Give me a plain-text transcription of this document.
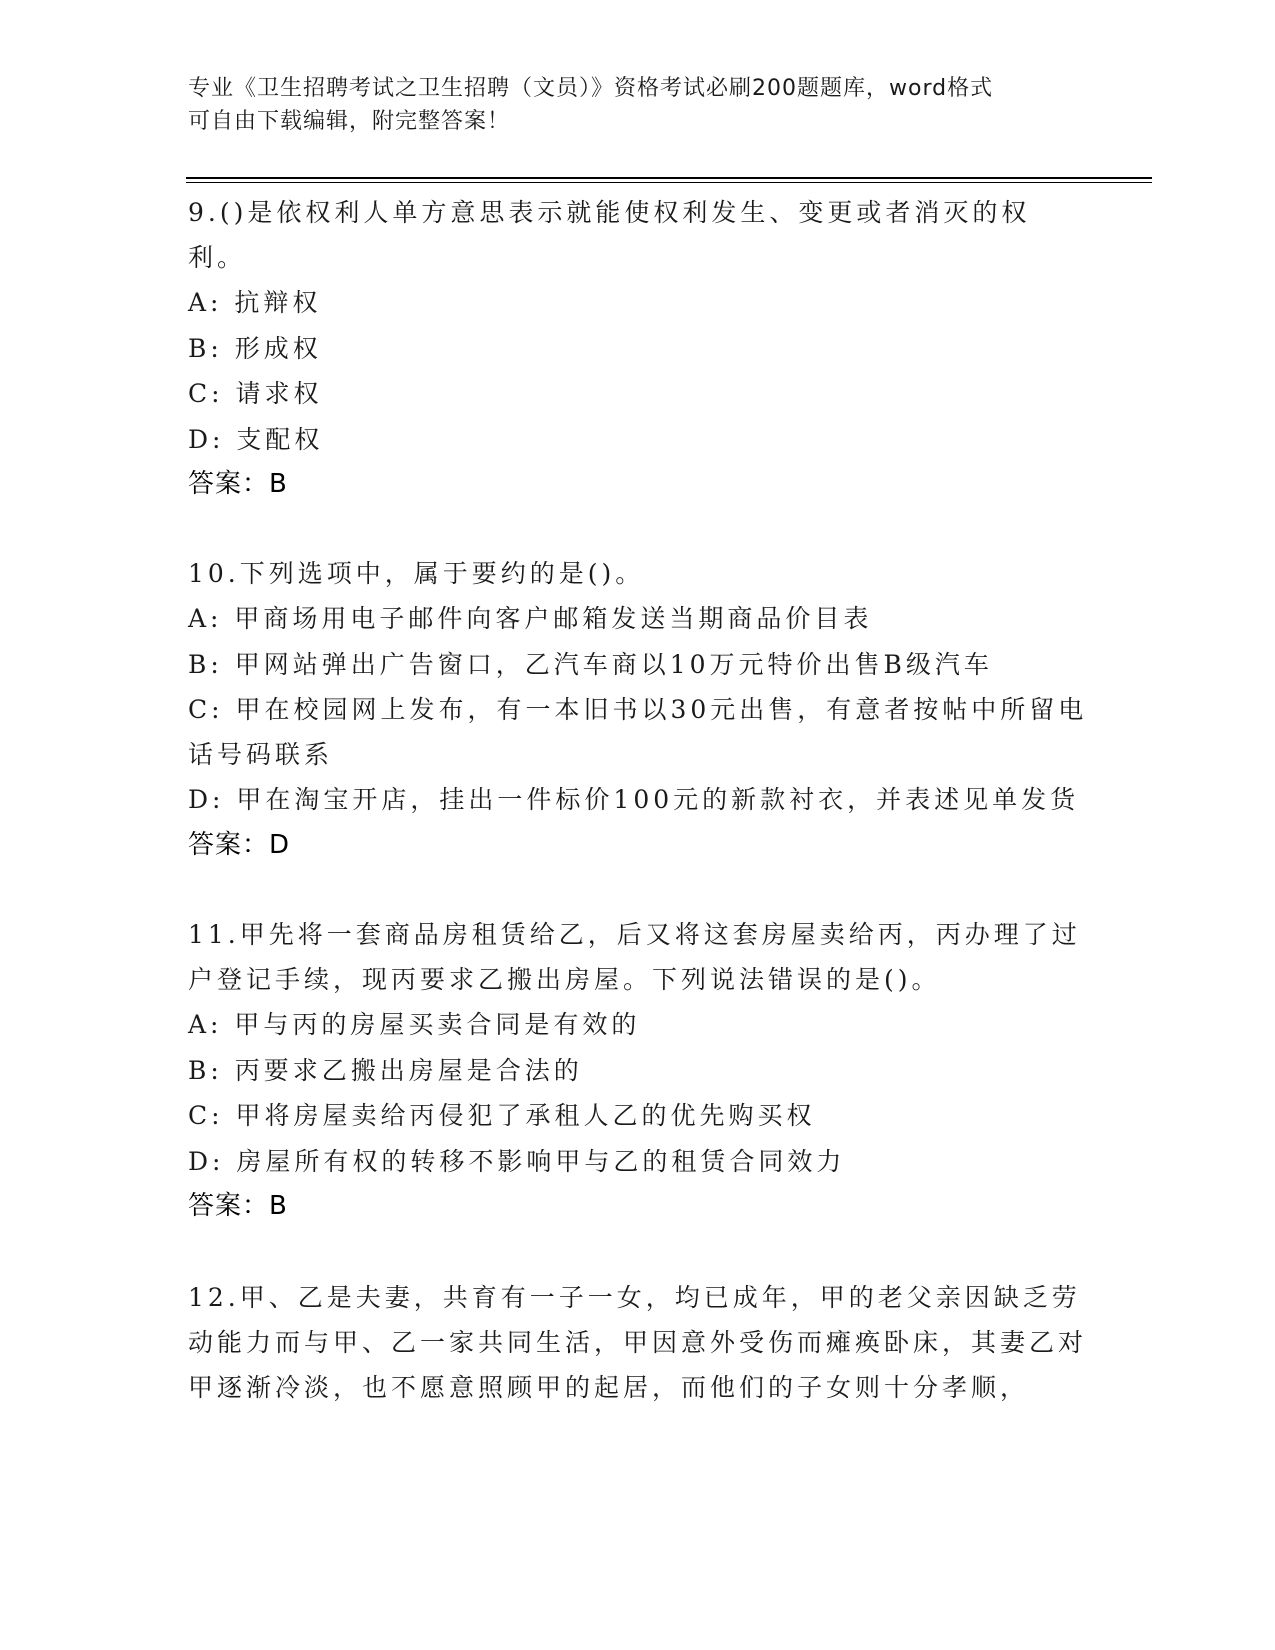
专业《卫生招聘考试之卫生招聘（文员）》资格考试必刷200题题库，word格式
可自由下载编辑，附完整答案！
9.()是依权利人单方意思表示就能使权利发生、变更或者消灭的权利。
A: 抗辩权
B: 形成权
C: 请求权
D: 支配权
答案：B
10.下列选项中，属于要约的是()。
A: 甲商场用电子邮件向客户邮箱发送当期商品价目表
B: 甲网站弹出广告窗口，乙汽车商以10万元特价出售B级汽车
C: 甲在校园网上发布，有一本旧书以30元出售，有意者按帖中所留电话号码联系
D: 甲在淘宝开店，挂出一件标价100元的新款衬衣，并表述见单发货
答案：D
11.甲先将一套商品房租赁给乙，后又将这套房屋卖给丙，丙办理了过户登记手续，现丙要求乙搬出房屋。下列说法错误的是()。
A: 甲与丙的房屋买卖合同是有效的
B: 丙要求乙搬出房屋是合法的
C: 甲将房屋卖给丙侵犯了承租人乙的优先购买权
D: 房屋所有权的转移不影响甲与乙的租赁合同效力
答案：B
12.甲、乙是夫妻，共育有一子一女，均已成年，甲的老父亲因缺乏劳动能力而与甲、乙一家共同生活，甲因意外受伤而瘫痪卧床，其妻乙对甲逐渐冷淡，也不愿意照顾甲的起居，而他们的子女则十分孝顺，
